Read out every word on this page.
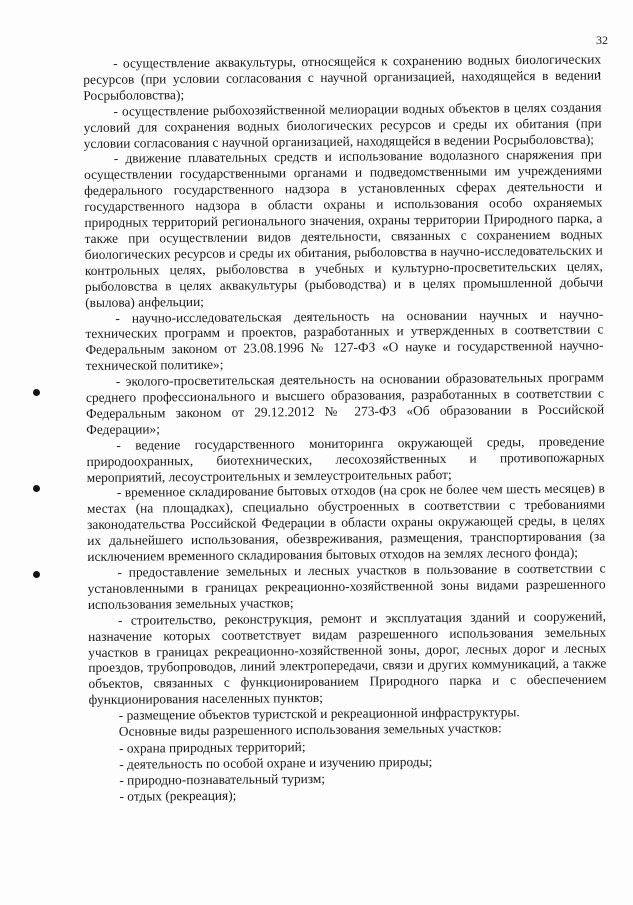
32

- осуществление аквакультуры, относящейся к сохранению водных биологических ресурсов (при условии согласования с научной организацией, находящейся в ведении Росрыболовства);

- осуществление рыбохозяйственной мелиорации водных объектов в целях создания условий для сохранения водных биологических ресурсов и среды их обитания (при условии согласования с научной организацией, находящейся в ведении Росрыболовства);

- движение плавательных средств и использование водолазного снаряжения при осуществлении государственными органами и подведомственными им учреждениями федерального государственного надзора в установленных сферах деятельности и государственного надзора в области охраны и использования особо охраняемых природных территорий регионального значения, охраны территории Природного парка, а также при осуществлении видов деятельности, связанных с сохранением водных биологических ресурсов и среды их обитания, рыболовства в научно-исследовательских и контрольных целях, рыболовства в учебных и культурно-просветительских целях, рыболовства в целях аквакультуры (рыбоводства) и в целях промышленной добычи (вылова) анфельции;

- научно-исследовательская деятельность на основании научных и научно-технических программ и проектов, разработанных и утвержденных в соответствии с Федеральным законом от 23.08.1996 № 127-ФЗ «О науке и государственной научно-технической политике»;

- эколого-просветительская деятельность на основании образовательных программ среднего профессионального и высшего образования, разработанных в соответствии с Федеральным законом от 29.12.2012 № 273-ФЗ «Об образовании в Российской Федерации»;

- ведение государственного мониторинга окружающей среды, проведение природоохранных, биотехнических, лесохозяйственных и противопожарных мероприятий, лесоустроительных и землеустроительных работ;

- временное складирование бытовых отходов (на срок не более чем шесть месяцев) в местах (на площадках), специально обустроенных в соответствии с требованиями законодательства Российской Федерации в области охраны окружающей среды, в целях их дальнейшего использования, обезвреживания, размещения, транспортирования (за исключением временного складирования бытовых отходов на землях лесного фонда);

- предоставление земельных и лесных участков в пользование в соответствии с установленными в границах рекреационно-хозяйственной зоны видами разрешенного использования земельных участков;

- строительство, реконструкция, ремонт и эксплуатация зданий и сооружений, назначение которых соответствует видам разрешенного использования земельных участков в границах рекреационно-хозяйственной зоны, дорог, лесных дорог и лесных проездов, трубопроводов, линий электропередачи, связи и других коммуникаций, а также объектов, связанных с функционированием Природного парка и с обеспечением функционирования населенных пунктов;

- размещение объектов туристской и рекреационной инфраструктуры.

Основные виды разрешенного использования земельных участков:

- охрана природных территорий;

- деятельность по особой охране и изучению природы;

- природно-познавательный туризм;

- отдых (рекреация);
